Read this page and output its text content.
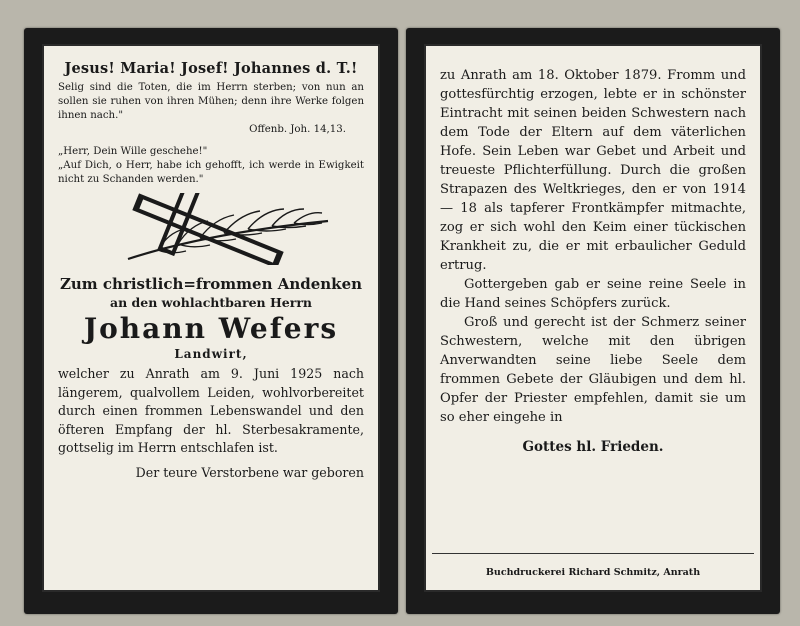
Jesus! Maria! Josef! Johannes d. T.!
Selig sind die Toten, die im Herrn sterben; von nun an sollen sie ruhen von ihren Mühen; denn ihre Werke folgen ihnen nach."
Offenb. Joh. 14,13.
„Herr, Dein Wille geschehe!"
„Auf Dich, o Herr, habe ich gehofft, ich werde in Ewigkeit nicht zu Schanden werden."
Zum christlich=frommen Andenken
an den wohlachtbaren Herrn
Johann Wefers
Landwirt,
welcher zu Anrath am 9. Juni 1925 nach längerem, qualvollem Leiden, wohlvorbereitet durch einen frommen Lebenswandel und den öfteren Empfang der hl. Sterbesakramente, gottselig im Herrn entschlafen ist.
Der teure Verstorbene war geboren

zu Anrath am 18. Oktober 1879. Fromm und gottesfürchtig erzogen, lebte er in schönster Eintracht mit seinen beiden Schwestern nach dem Tode der Eltern auf dem väterlichen Hofe. Sein Leben war Gebet und Arbeit und treueste Pflichterfüllung. Durch die großen Strapazen des Weltkrieges, den er von 1914 — 18 als tapferer Frontkämpfer mitmachte, zog er sich wohl den Keim einer tückischen Krankheit zu, die er mit erbaulicher Geduld ertrug.

Gottergeben gab er seine reine Seele in die Hand seines Schöpfers zurück.

Groß und gerecht ist der Schmerz seiner Schwestern, welche mit den übrigen Anverwandten seine liebe Seele dem frommen Gebete der Gläubigen und dem hl. Opfer der Priester empfehlen, damit sie um so eher eingehe in

Gottes hl. Frieden.
Buchdruckerei Richard Schmitz, Anrath
